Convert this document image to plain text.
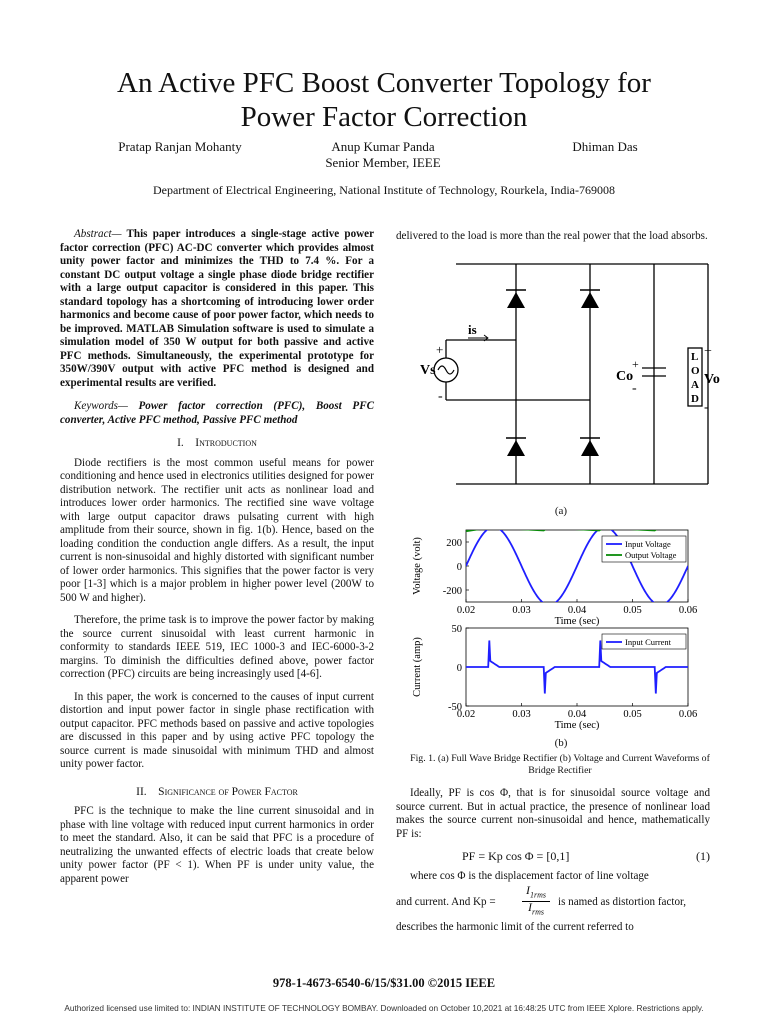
An Active PFC Boost Converter Topology for
Power Factor Correction
Pratap Ranjan Mohanty	Anup Kumar Panda
Senior Member, IEEE
Dhiman Das
Department of Electrical Engineering, National Institute of Technology, Rourkela, India-769008

Abstract— This paper introduces a single-stage active power factor correction (PFC) AC-DC converter which provides almost unity power factor and minimizes the THD to 7.4 %. For a constant DC output voltage a single phase diode bridge rectifier with a large output capacitor is considered in this paper. This standard topology has a shortcoming of introducing lower order harmonics and become cause of poor power factor, which needs to be improved. MATLAB Simulation software is used to simulate a simulation model of 350 W output for both passive and active PFC methods. Simultaneously, the experimental prototype for 350W/390V output with active PFC method is designed and experimental results are verified.

Keywords— Power factor correction (PFC), Boost PFC converter, Active PFC method, Passive PFC method

I. Introduction

Diode rectifiers is the most common useful means for power conditioning and hence used in electronics utilities designed for power distribution network. The rectifier unit acts as nonlinear load and introduces lower order harmonics. The rectified sine wave voltage with large output capacitor draws pulsating current with high amplitude from their source, shown in fig. 1(b). Hence, based on the loading condition the conduction angle differs. As a result, the input current is non-sinusoidal and highly distorted with significant number of lower order harmonics. This signifies that the power factor is very poor [1-3] which is a major problem in higher power level (200W to 500 W and higher).

Therefore, the prime task is to improve the power factor by making the source current sinusoidal with least current harmonic in conformity to standards IEEE 519, IEC 1000-3 and IEC-6000-3-2 margins. To diminish the difficulties defined above, power factor correction (PFC) circuits are being increasingly used [4-6].

In this paper, the work is concerned to the causes of input current distortion and input power factor in single phase rectification with output capacitor. PFC methods based on passive and active topologies are discussed in this paper and by using active PFC topology the source current is made sinusoidal with minimum THD and almost unity power factor.

II. Significance of Power Factor

PFC is the technique to make the line current sinusoidal and in phase with line voltage with reduced input current harmonics in order to meet the standard. Also, it can be said that PFC is a procedure of neutralizing the unwanted effects of electric loads that create below unity power factor (PF < 1). When PF is under unity value, the apparent power

delivered to the load is more than the real power that the load absorbs.
is
Vs
+
-
Co
+
-
L
O
A
D
+
Vo
-
(a)
0.02	0.03	0.04	0.05	0.06
200
0
-200
Time (sec)
Voltage (volt)	Input Voltage
Output Voltage
0.02	0.03	0.04	0.05	0.06
50
0
-50
Time (sec)
Current (amp)	Input Current
(b)
Fig. 1. (a) Full Wave Bridge Rectifier (b) Voltage and Current Waveforms of Bridge Rectifier

Ideally, PF is cos Φ, that is for sinusoidal source voltage and source current. But in actual practice, the presence of nonlinear load makes the source current non-sinusoidal and hence, mathematically PF is:

PF = Kp cos Φ = [0,1]	(1)

where cos Φ is the displacement factor of line voltage

and current. And Kp =
$I_{1rms}$
$I_{rms}$
is named as distortion factor,

describes the harmonic limit of the current referred to

978-1-4673-6540-6/15/$31.00 ©2015 IEEE
Authorized licensed use limited to: INDIAN INSTITUTE OF TECHNOLOGY BOMBAY. Downloaded on October 10,2021 at 16:48:25 UTC from IEEE Xplore. Restrictions apply.
